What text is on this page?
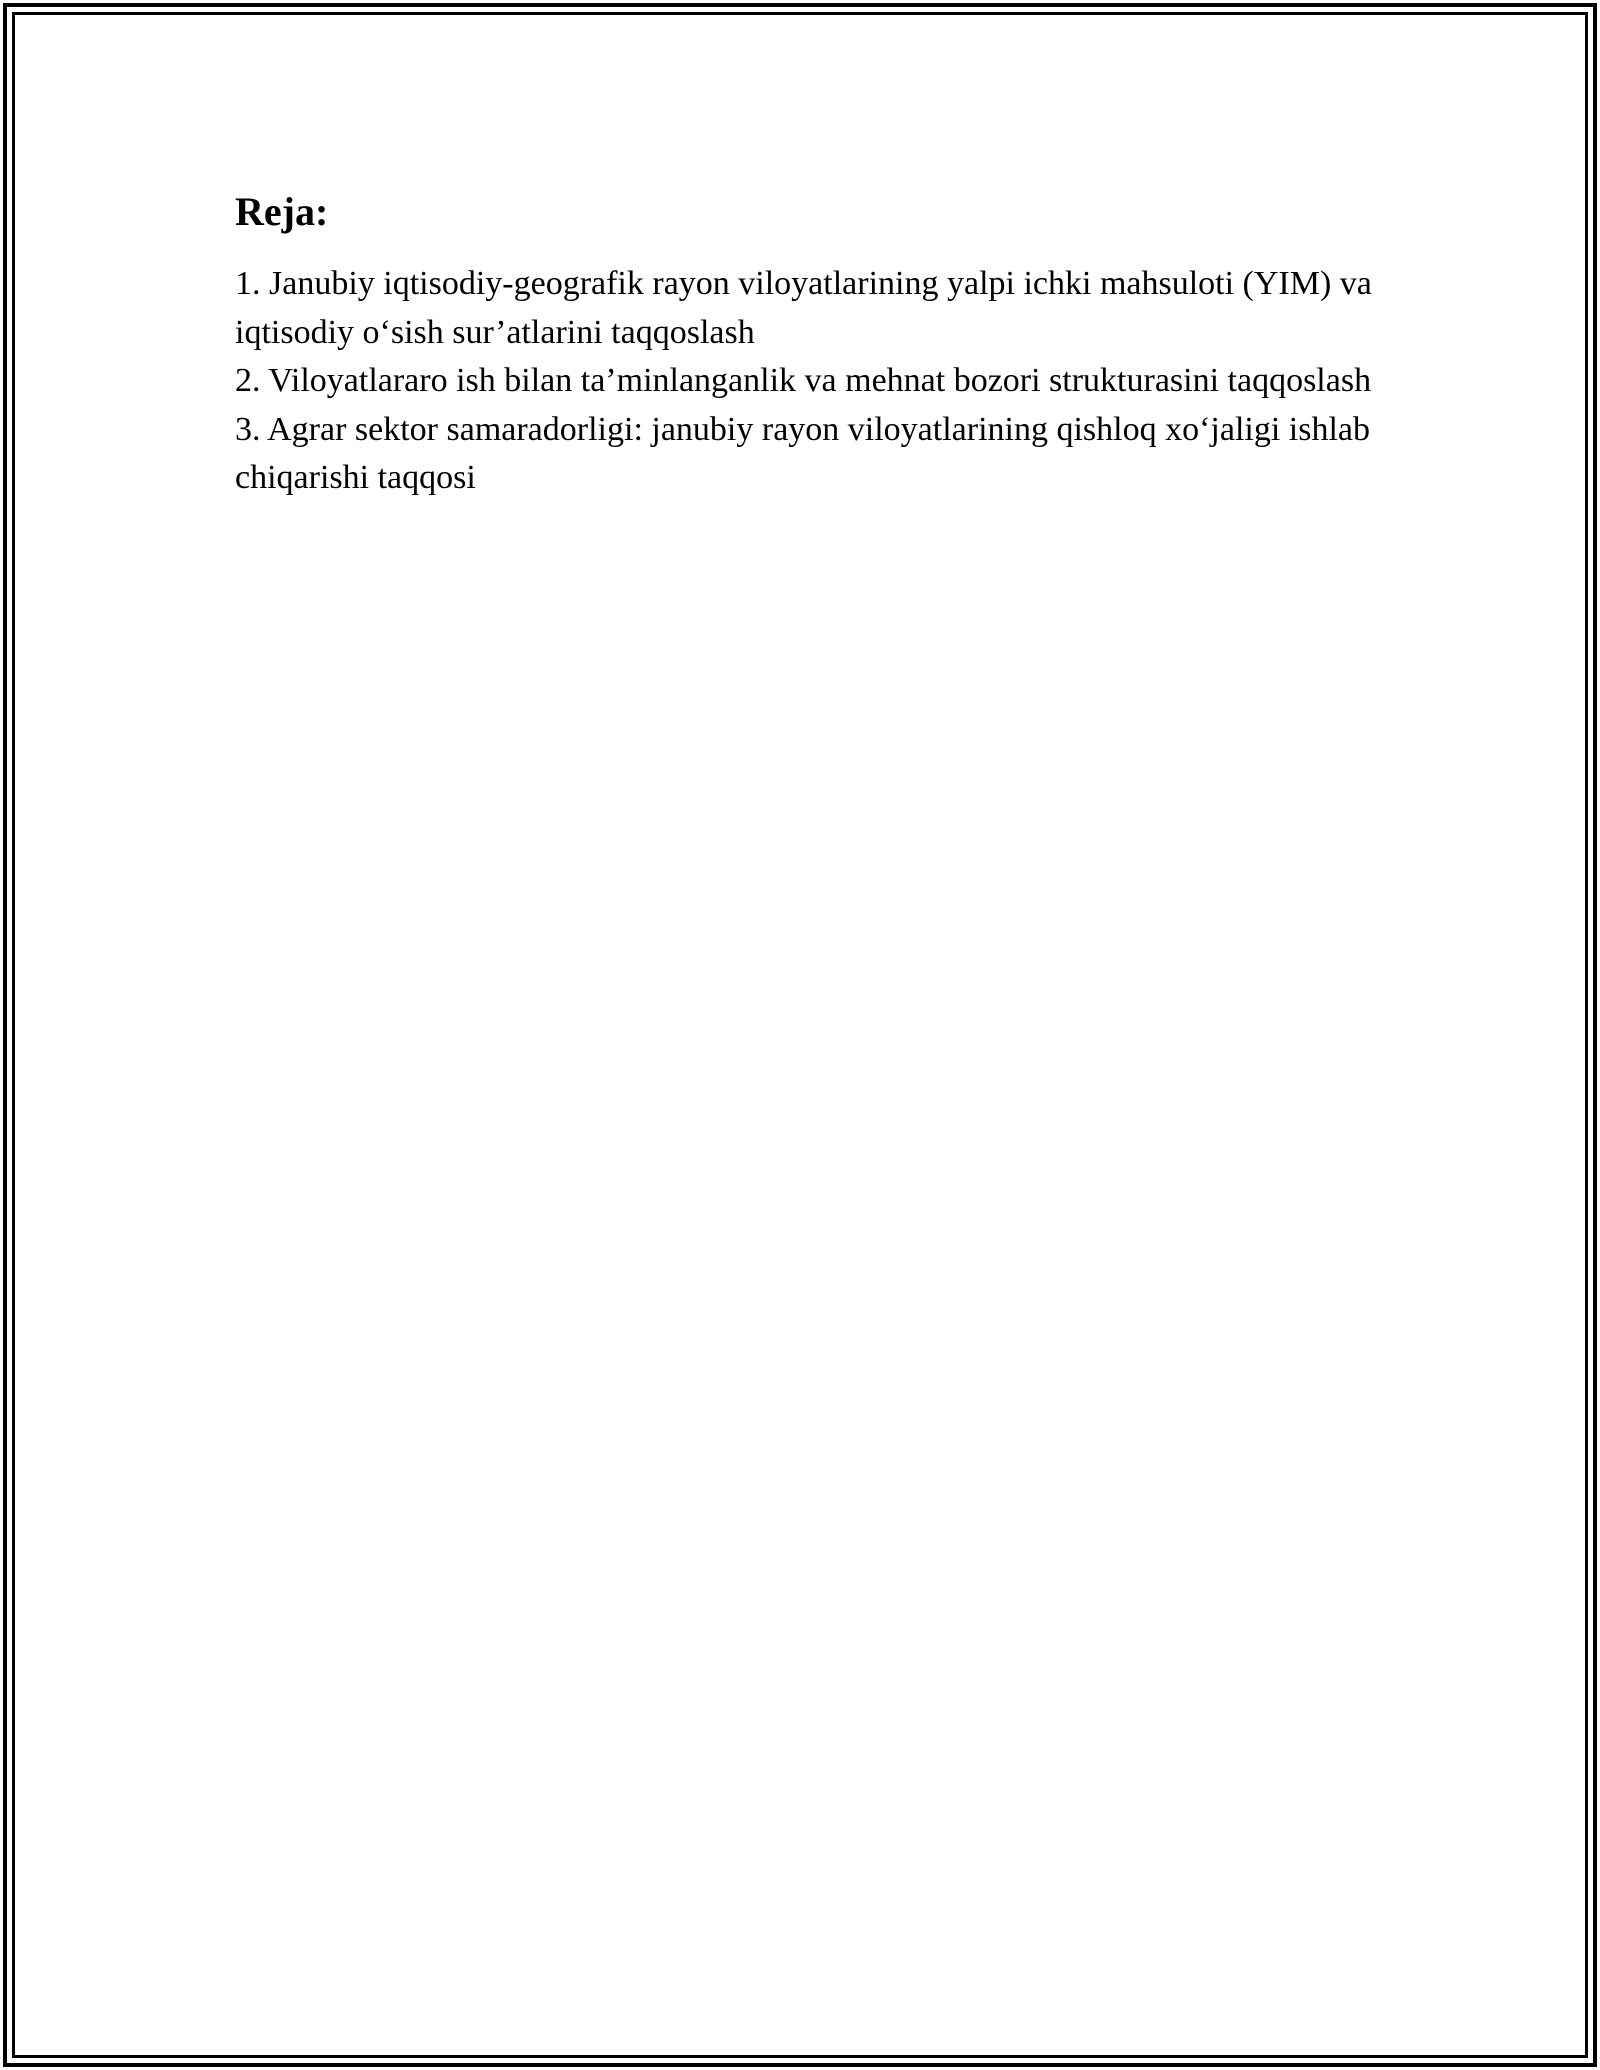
Reja:
1. Janubiy iqtisodiy-geografik rayon viloyatlarining yalpi ichki mahsuloti (YIM) va iqtisodiy o‘sish sur’atlarini taqqoslash
2. Viloyatlararo ish bilan ta’minlanganlik va mehnat bozori strukturasini taqqoslash
3. Agrar sektor samaradorligi: janubiy rayon viloyatlarining qishloq xo‘jaligi ishlab chiqarishi taqqosi
